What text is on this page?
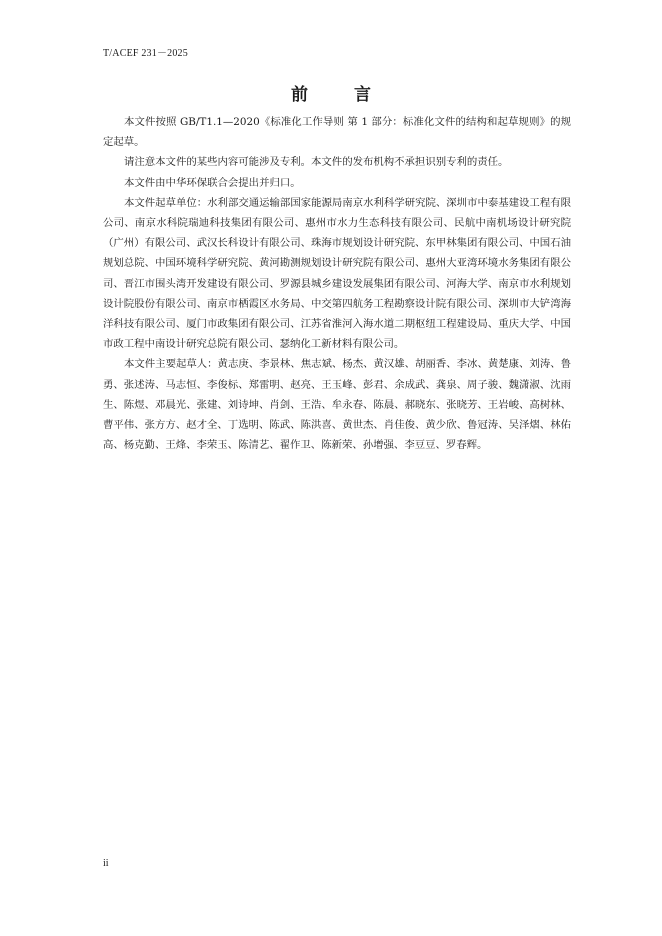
T/ACEF 231－2025
前 言

本文件按照 GB/T1.1—2020《标准化工作导则 第 1 部分：标准化文件的结构和起草规则》的规定起草。

请注意本文件的某些内容可能涉及专利。本文件的发布机构不承担识别专利的责任。

本文件由中华环保联合会提出并归口。

本文件起草单位：水利部交通运输部国家能源局南京水利科学研究院、深圳市中泰基建设工程有限公司、南京水科院瑞迪科技集团有限公司、惠州市水力生态科技有限公司、民航中南机场设计研究院（广州）有限公司、武汉长科设计有限公司、珠海市规划设计研究院、东甲林集团有限公司、中国石油规划总院、中国环境科学研究院、黄河勘测规划设计研究院有限公司、惠州大亚湾环境水务集团有限公司、晋江市围头湾开发建设有限公司、罗源县城乡建设发展集团有限公司、河海大学、南京市水利规划设计院股份有限公司、南京市栖霞区水务局、中交第四航务工程勘察设计院有限公司、深圳市大铲湾海洋科技有限公司、厦门市政集团有限公司、江苏省淮河入海水道二期枢纽工程建设局、重庆大学、中国市政工程中南设计研究总院有限公司、瑟纳化工新材料有限公司。

本文件主要起草人：黄志庚、李景林、焦志斌、杨杰、黄汉雄、胡丽香、李冰、黄楚康、刘涛、鲁勇、张述涛、马志恒、李俊标、郑雷明、赵亮、王玉峰、彭君、余成武、龚泉、周子骏、魏潇淑、沈雨生、陈煜、邓晨光、张建、刘诗坤、肖剑、王浩、牟永春、陈晨、郝晓东、张晓芳、王岩峻、高树林、曹平伟、张方方、赵才全、丁选明、陈武、陈洪喜、黄世杰、肖佳俊、黄少欣、鲁冠涛、吴泽熠、林佑高、杨克勤、王烽、李荣玉、陈清艺、翟作卫、陈新荣、孙增强、李豆豆、罗春辉。

ii
